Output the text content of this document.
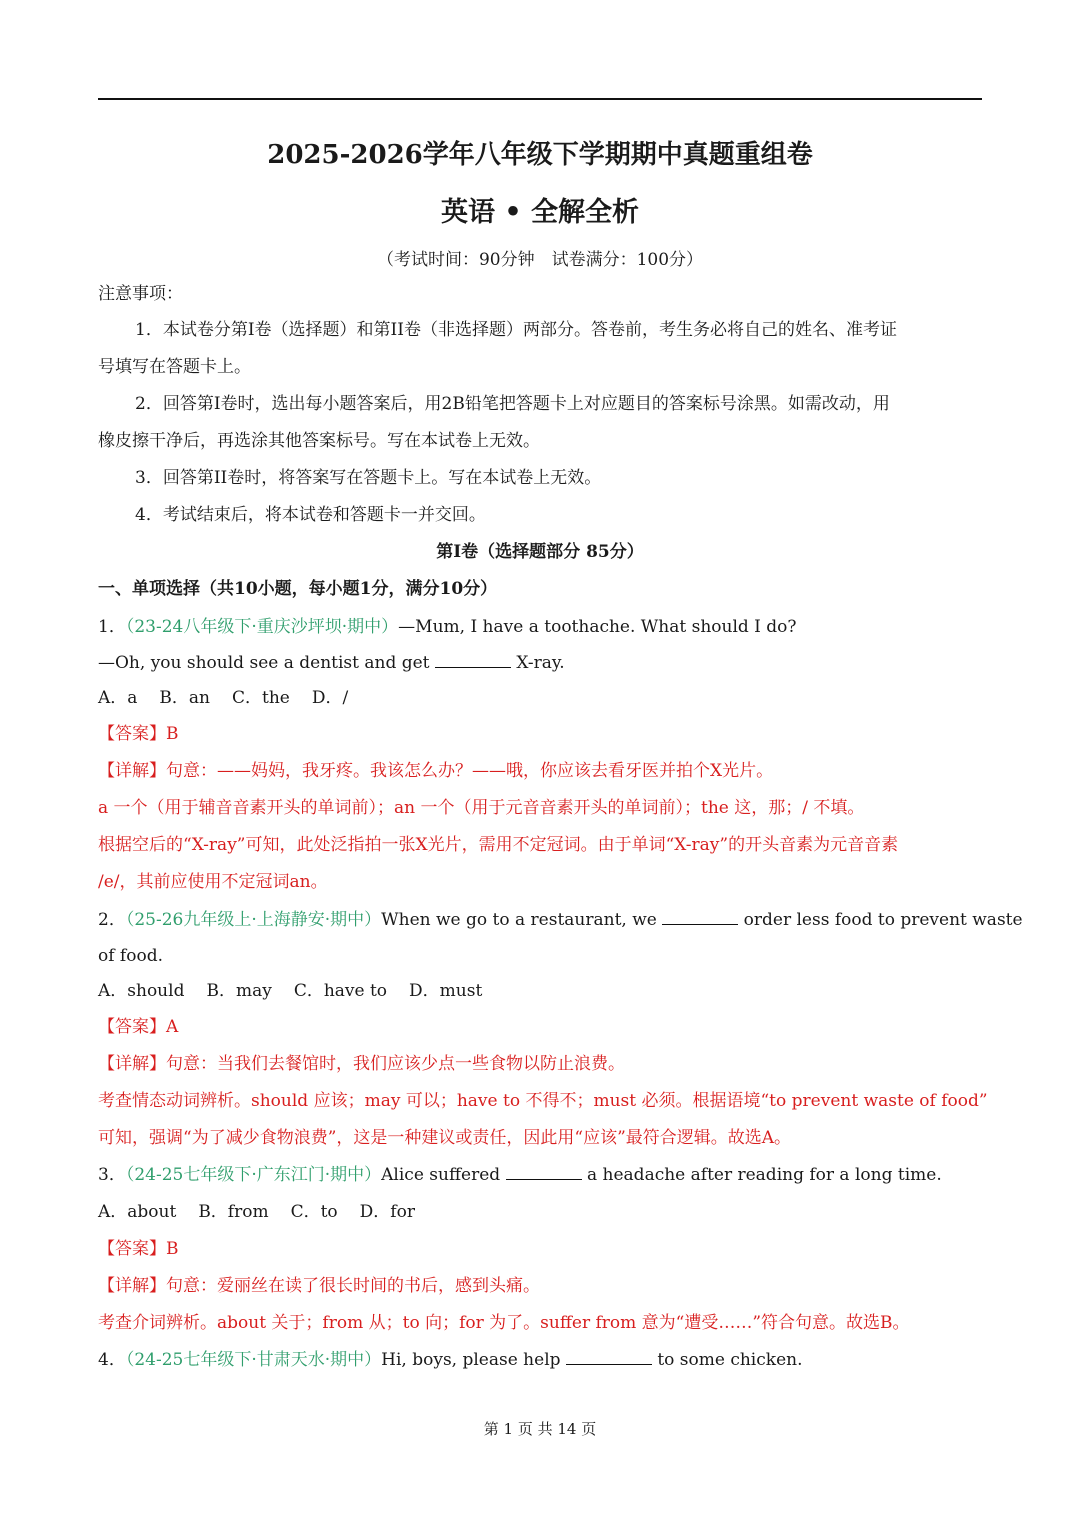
2025-2026学年八年级下学期期中真题重组卷
英语 • 全解全析
（考试时间：90分钟　试卷满分：100分）
注意事项：
1．本试卷分第I卷（选择题）和第II卷（非选择题）两部分。答卷前，考生务必将自己的姓名、准考证
号填写在答题卡上。
2．回答第I卷时，选出每小题答案后，用2B铅笔把答题卡上对应题目的答案标号涂黑。如需改动，用
橡皮擦干净后，再选涂其他答案标号。写在本试卷上无效。
3．回答第II卷时，将答案写在答题卡上。写在本试卷上无效。
4．考试结束后，将本试卷和答题卡一并交回。
第I卷（选择题部分 85分）
一、单项选择（共10小题，每小题1分，满分10分）
1．（23-24八年级下·重庆沙坪坝·期中）—Mum, I have a toothache. What should I do?
—Oh, you should see a dentist and get	X-ray.
A．a B．an C．the D．/
【答案】B
【详解】句意：——妈妈，我牙疼。我该怎么办？——哦，你应该去看牙医并拍个X光片。
a 一个（用于辅音音素开头的单词前）；an 一个（用于元音音素开头的单词前）；the 这，那；/ 不填。
根据空后的“X-ray”可知，此处泛指拍一张X光片，需用不定冠词。由于单词“X-ray”的开头音素为元音音素
/e/，其前应使用不定冠词an。
2．（25-26九年级上·上海静安·期中）When we go to a restaurant, we	order less food to prevent waste
of food.
A．should B．may C．have to D．must
【答案】A
【详解】句意：当我们去餐馆时，我们应该少点一些食物以防止浪费。
考查情态动词辨析。should 应该；may 可以；have to 不得不；must 必须。根据语境“to prevent waste of food”
可知，强调“为了减少食物浪费”，这是一种建议或责任，因此用“应该”最符合逻辑。故选A。
3．（24-25七年级下·广东江门·期中）Alice suffered	a headache after reading for a long time.
A．about B．from C．to D．for
【答案】B
【详解】句意：爱丽丝在读了很长时间的书后，感到头痛。
考查介词辨析。about 关于；from 从；to 向；for 为了。suffer from 意为“遭受……”符合句意。故选B。
4．（24-25七年级下·甘肃天水·期中）Hi, boys, please help	to some chicken.
第 1 页 共 14 页
